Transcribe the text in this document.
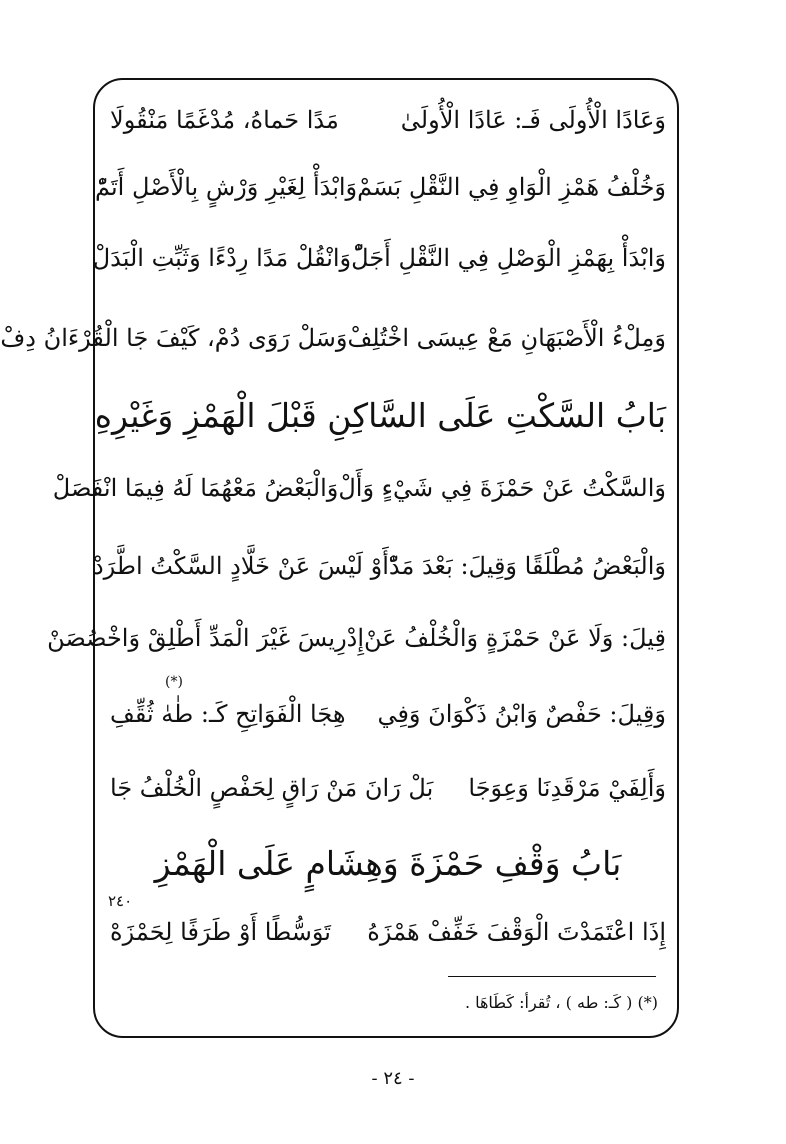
وَعَادًا الْأُولَى فَـ: عَادًا الْأُولَىٰ
مَدًا حَماهُ، مُدْغَمًا مَنْقُولَا
وَخُلْفُ هَمْزِ الْوَاوِ فِي النَّقْلِ بَسَمْ
وَابْدَأْ لِغَيْرِ وَرْشٍ بِالْأَصْلِ أَتَمّْ
وَابْدَأْ بِهَمْزِ الْوَصْلِ فِي النَّقْلِ أَجَلّْ
وَانْقُلْ مَدًا رِدْءًا وَثَبِّتِ الْبَدَلْ
وَمِلْءُ الْأَصْبَهَانِ مَعْ عِيسَى اخْتُلِفْ
وَسَلْ رَوَى دُمْ، كَيْفَ جَا الْقُرْءَانُ دِفْ
بَابُ السَّكْتِ عَلَى السَّاكِنِ قَبْلَ الْهَمْزِ وَغَيْرِهِ
وَالسَّكْتُ عَنْ حَمْزَةَ فِي شَيْءٍ وَأَلْ
وَالْبَعْضُ مَعْهُمَا لَهُ فِيمَا انْفَصَلْ
وَالْبَعْضُ مُطْلَقًا وَقِيلَ: بَعْدَ مَدّْ
أَوْ لَيْسَ عَنْ خَلَّادٍ السَّكْتُ اطَّرَدْ
قِيلَ: وَلَا عَنْ حَمْزَةٍ وَالْخُلْفُ عَنْ
إِدْرِيسَ غَيْرَ الْمَدِّ أَطْلِقْ وَاخْصُصَنْ
(*)
وَقِيلَ: حَفْصٌ وَابْنُ ذَكْوَانَ وَفِي
هِجَا الْفَوَاتِحِ كَـ: طٰهٰ ثُقِّفِ
وَأَلِفَيْ مَرْقَدِنَا وَعِوَجَا
بَلْ رَانَ مَنْ رَاقٍ لِحَفْصٍ الْخُلْفُ جَا
بَابُ وَقْفِ حَمْزَةَ وَهِشَامٍ عَلَى الْهَمْزِ
٢٤٠
إِذَا اعْتَمَدْتَ الْوَقْفَ خَفِّفْ هَمْزَهُ
تَوَسُّطًا أَوْ طَرَفًا لِحَمْزَهْ
(*) ( كَـ: طه ) ، تُقرأ: كَطَاهَا .
- ٢٤ -
